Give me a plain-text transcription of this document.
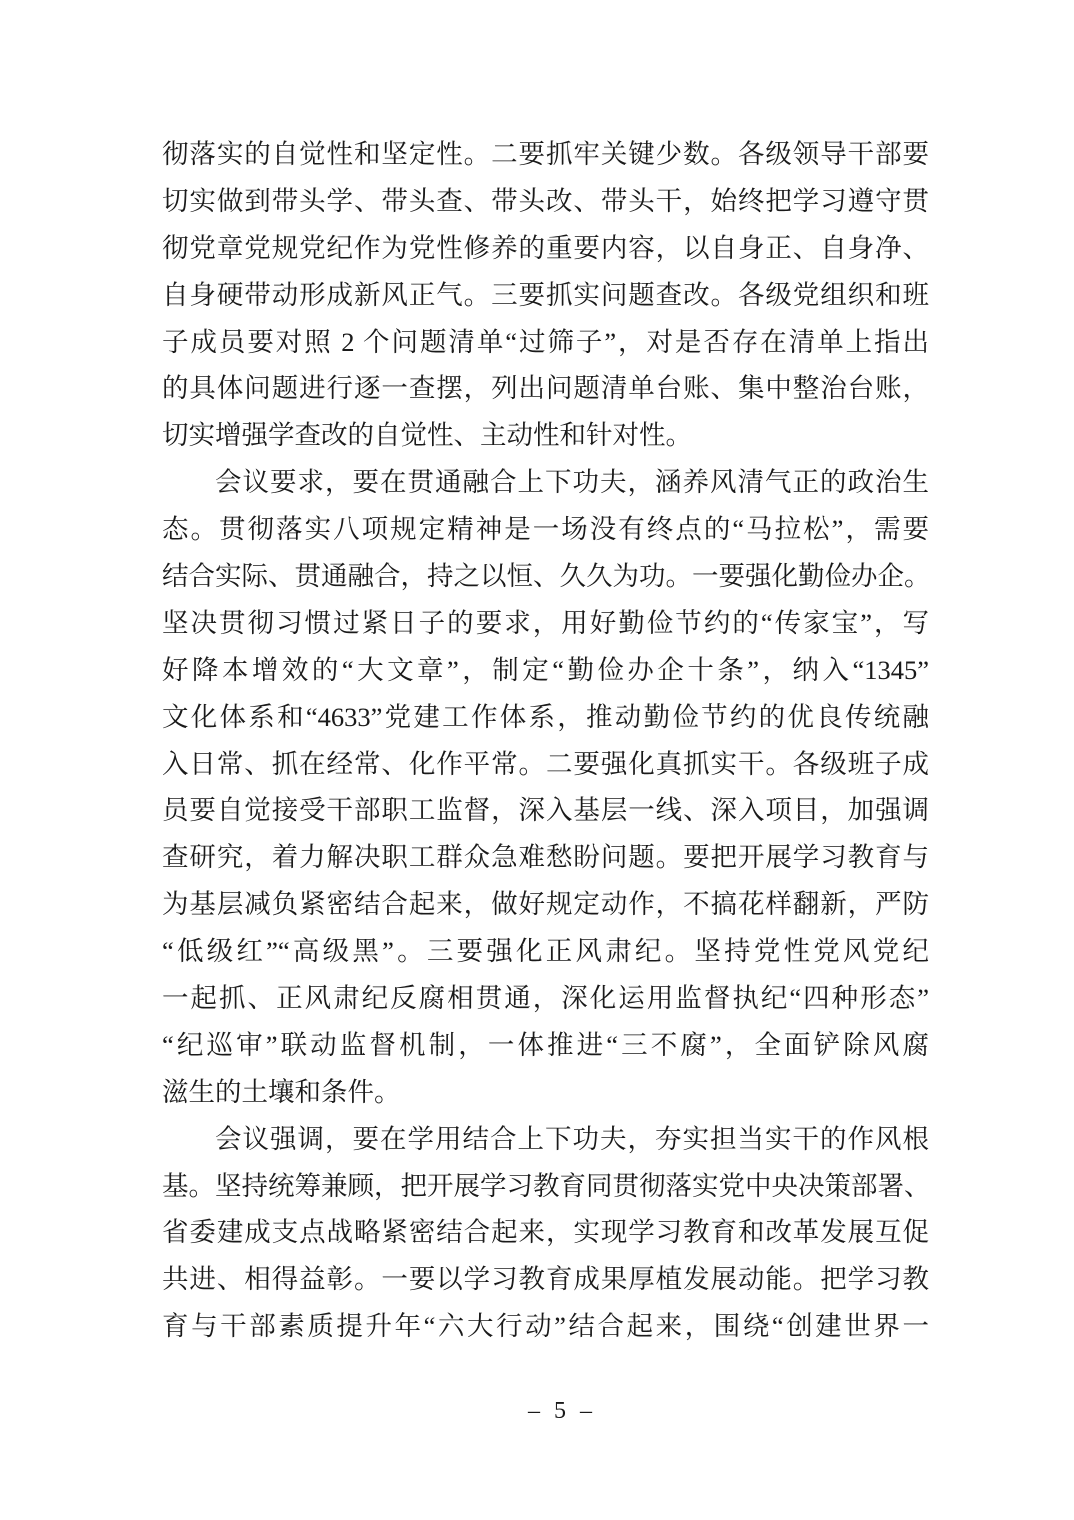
彻落实的自觉性和坚定性。二要抓牢关键少数。各级领导干部要
切实做到带头学、带头查、带头改、带头干，始终把学习遵守贯
彻党章党规党纪作为党性修养的重要内容，以自身正、自身净、
自身硬带动形成新风正气。三要抓实问题查改。各级党组织和班
子成员要对照 2 个问题清单“过筛子”，对是否存在清单上指出
的具体问题进行逐一查摆，列出问题清单台账、集中整治台账，
切实增强学查改的自觉性、主动性和针对性。
会议要求，要在贯通融合上下功夫，涵养风清气正的政治生
态。贯彻落实八项规定精神是一场没有终点的“马拉松”，需要
结合实际、贯通融合，持之以恒、久久为功。一要强化勤俭办企。
坚决贯彻习惯过紧日子的要求，用好勤俭节约的“传家宝”，写
好降本增效的“大文章”，制定“勤俭办企十条”，纳入“1345”
文化体系和“4633”党建工作体系，推动勤俭节约的优良传统融
入日常、抓在经常、化作平常。二要强化真抓实干。各级班子成
员要自觉接受干部职工监督，深入基层一线、深入项目，加强调
查研究，着力解决职工群众急难愁盼问题。要把开展学习教育与
为基层减负紧密结合起来，做好规定动作，不搞花样翻新，严防
“低级红”“高级黑”。三要强化正风肃纪。坚持党性党风党纪
一起抓、正风肃纪反腐相贯通，深化运用监督执纪“四种形态”
“纪巡审”联动监督机制，一体推进“三不腐”，全面铲除风腐
滋生的土壤和条件。
会议强调，要在学用结合上下功夫，夯实担当实干的作风根
基。坚持统筹兼顾，把开展学习教育同贯彻落实党中央决策部署、
省委建成支点战略紧密结合起来，实现学习教育和改革发展互促
共进、相得益彰。一要以学习教育成果厚植发展动能。把学习教
育与干部素质提升年“六大行动”结合起来，围绕“创建世界一
– 5 –
